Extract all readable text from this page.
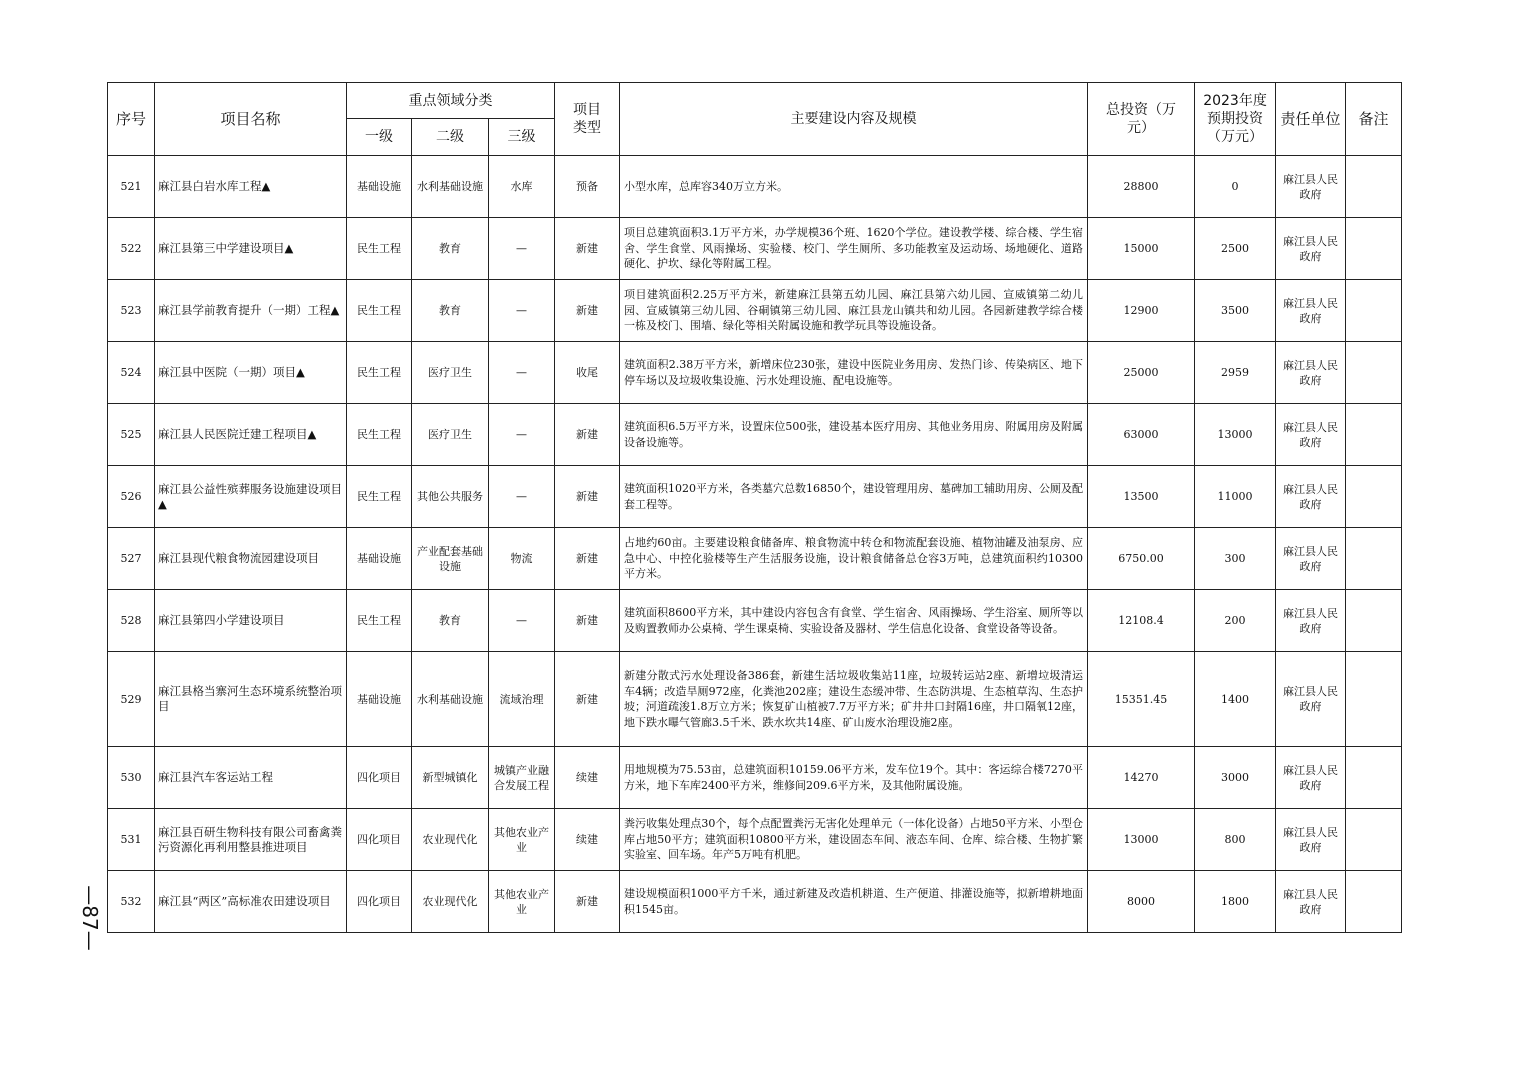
序号	项目名称	重点领域分类			项目类型	主要建设内容及规模	总投资（万元）	2023年度预期投资（万元）	责任单位	备注
		一级	二级	三级						
521	麻江县白岩水库工程▲	基础设施	水利基础设施	水库	预备	小型水库，总库容340万立方米。	28800	0	麻江县人民政府	
522	麻江县第三中学建设项目▲	民生工程	教育	—	新建	项目总建筑面积3.1万平方米，办学规模36个班、1620个学位。建设教学楼、综合楼、学生宿舍、学生食堂、风雨操场、实验楼、校门、学生厕所、多功能教室及运动场、场地硬化、道路硬化、护坎、绿化等附属工程。	15000	2500	麻江县人民政府	
523	麻江县学前教育提升（一期）工程▲	民生工程	教育	—	新建	项目建筑面积2.25万平方米，新建麻江县第五幼儿园、麻江县第六幼儿园、宣威镇第二幼儿园、宣威镇第三幼儿园、谷硐镇第三幼儿园、麻江县龙山镇共和幼儿园。各园新建教学综合楼一栋及校门、围墙、绿化等相关附属设施和教学玩具等设施设备。	12900	3500	麻江县人民政府	
524	麻江县中医院（一期）项目▲	民生工程	医疗卫生	—	收尾	建筑面积2.38万平方米，新增床位230张，建设中医院业务用房、发热门诊、传染病区、地下停车场以及垃圾收集设施、污水处理设施、配电设施等。	25000	2959	麻江县人民政府	
525	麻江县人民医院迁建工程项目▲	民生工程	医疗卫生	—	新建	建筑面积6.5万平方米，设置床位500张，建设基本医疗用房、其他业务用房、附属用房及附属设备设施等。	63000	13000	麻江县人民政府	
526	麻江县公益性殡葬服务设施建设项目▲	民生工程	其他公共服务	—	新建	建筑面积1020平方米，各类墓穴总数16850个，建设管理用房、墓碑加工辅助用房、公厕及配套工程等。	13500	11000	麻江县人民政府	
527	麻江县现代粮食物流园建设项目	基础设施	产业配套基础设施	物流	新建	占地约60亩。主要建设粮食储备库、粮食物流中转仓和物流配套设施、植物油罐及油泵房、应急中心、中控化验楼等生产生活服务设施，设计粮食储备总仓容3万吨，总建筑面积约10300平方米。	6750.00	300	麻江县人民政府	
528	麻江县第四小学建设项目	民生工程	教育	—	新建	建筑面积8600平方米，其中建设内容包含有食堂、学生宿舍、风雨操场、学生浴室、厕所等以及购置教师办公桌椅、学生课桌椅、实验设备及器材、学生信息化设备、食堂设备等设备。	12108.4	200	麻江县人民政府	
529	麻江县格当寨河生态环境系统整治项目	基础设施	水利基础设施	流域治理	新建	新建分散式污水处理设备386套，新建生活垃圾收集站11座，垃圾转运站2座、新增垃圾清运车4辆；改造旱厕972座，化粪池202座；建设生态缓冲带、生态防洪堤、生态植草沟、生态护坡；河道疏浚1.8万立方米；恢复矿山植被7.7万平方米；矿井井口封隔16座，井口隔氧12座，地下跌水曝气管廊3.5千米、跌水坎共14座、矿山废水治理设施2座。	15351.45	1400	麻江县人民政府	
530	麻江县汽车客运站工程	四化项目	新型城镇化	城镇产业融合发展工程	续建	用地规模为75.53亩，总建筑面积10159.06平方米，发车位19个。其中：客运综合楼7270平方米，地下车库2400平方米，维修间209.6平方米，及其他附属设施。	14270	3000	麻江县人民政府	
531	麻江县百研生物科技有限公司畜禽粪污资源化再利用整县推进项目	四化项目	农业现代化	其他农业产业	续建	粪污收集处理点30个，每个点配置粪污无害化处理单元（一体化设备）占地50平方米、小型仓库占地50平方；建筑面积10800平方米，建设固态车间、液态车间、仓库、综合楼、生物扩繁实验室、回车场。年产5万吨有机肥。	13000	800	麻江县人民政府	
532	麻江县“两区”高标准农田建设项目	四化项目	农业现代化	其他农业产业	新建	建设规模面积1000平方千米，通过新建及改造机耕道、生产便道、排灌设施等，拟新增耕地面积1545亩。	8000	1800	麻江县人民政府	
—87—
